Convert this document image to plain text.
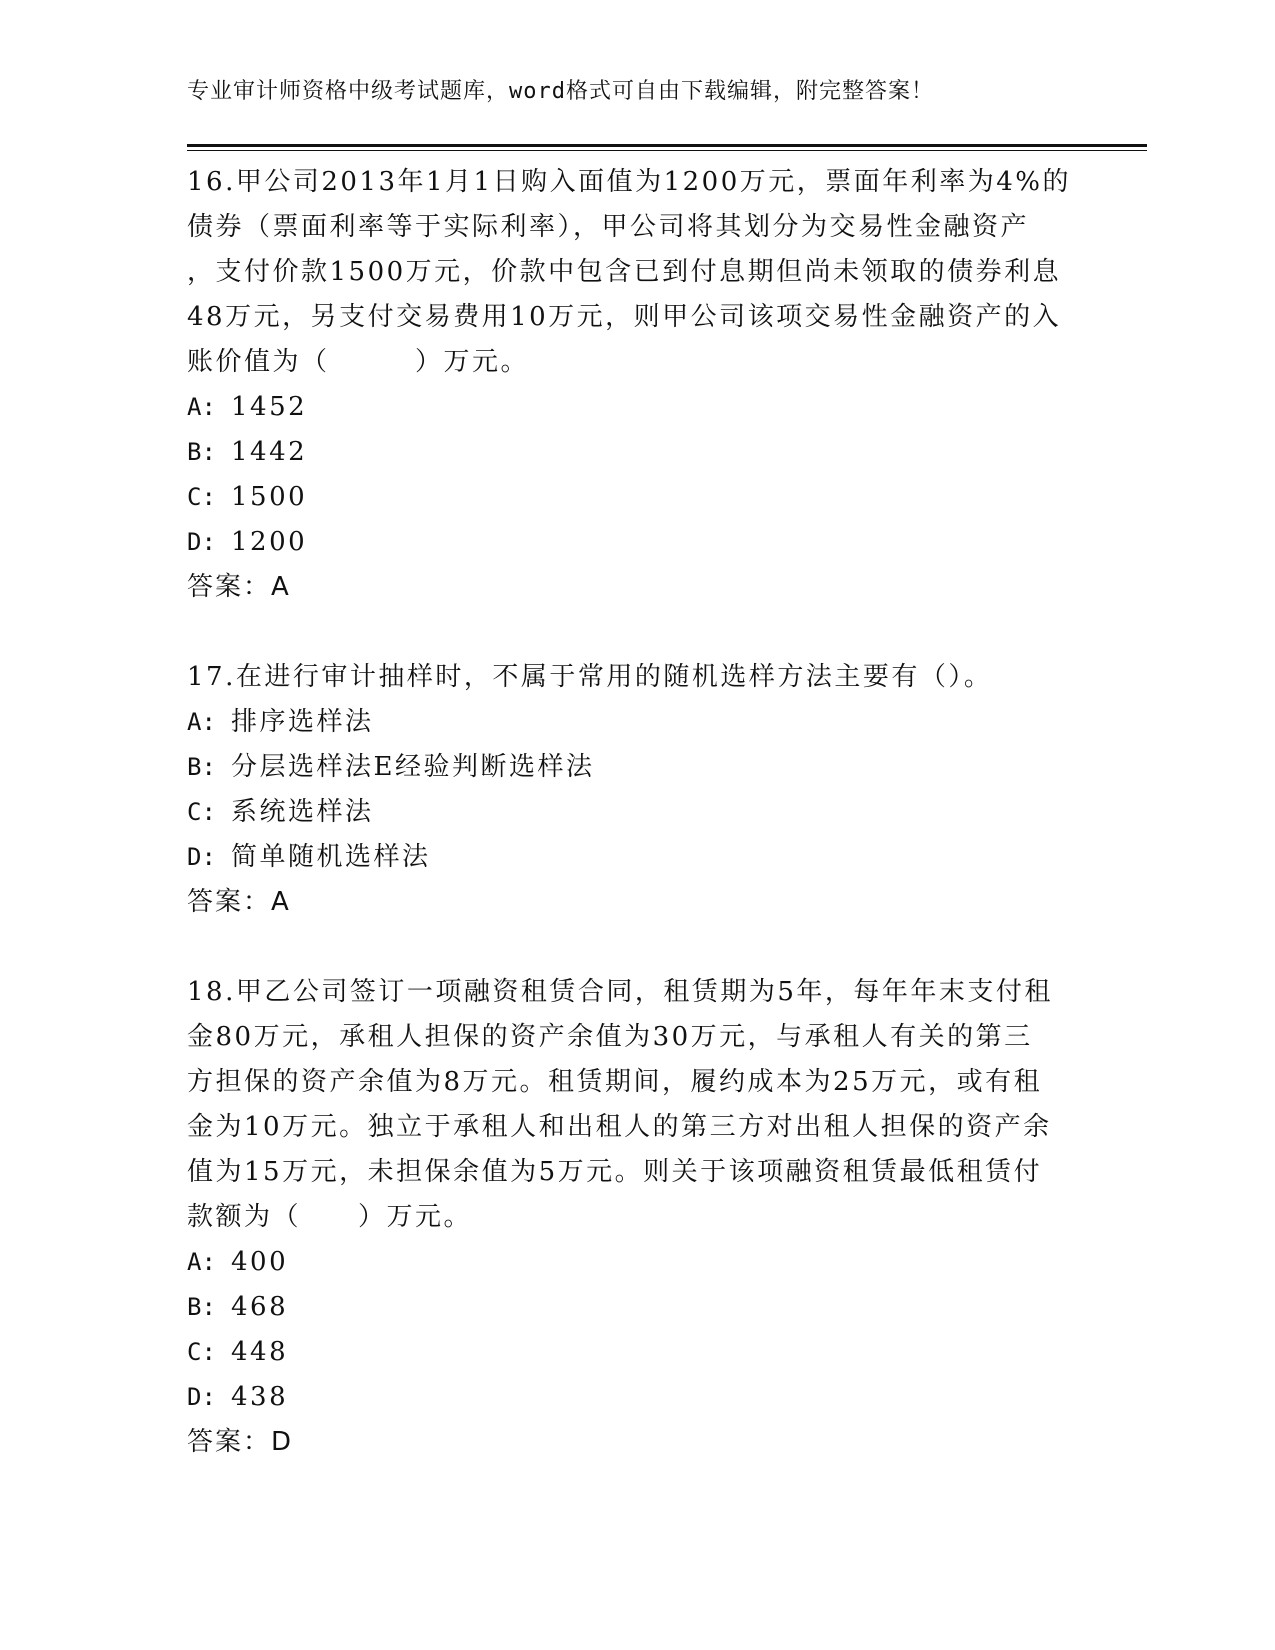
专业审计师资格中级考试题库，word格式可自由下载编辑，附完整答案！

16.甲公司2013年1月1日购入面值为1200万元，票面年利率为4%的

债券（票面利率等于实际利率），甲公司将其划分为交易性金融资产

，支付价款1500万元，价款中包含已到付息期但尚未领取的债券利息

48万元，另支付交易费用10万元，则甲公司该项交易性金融资产的入

账价值为（　　　）万元。

A: 1452

B: 1442

C: 1500

D: 1200

答案：A

17.在进行审计抽样时，不属于常用的随机选样方法主要有（）。

A: 排序选样法

B: 分层选样法E经验判断选样法

C: 系统选样法

D: 简单随机选样法

答案：A

18.甲乙公司签订一项融资租赁合同，租赁期为5年，每年年末支付租

金80万元，承租人担保的资产余值为30万元，与承租人有关的第三

方担保的资产余值为8万元。租赁期间，履约成本为25万元，或有租

金为10万元。独立于承租人和出租人的第三方对出租人担保的资产余

值为15万元，未担保余值为5万元。则关于该项融资租赁最低租赁付

款额为（　　）万元。

A: 400

B: 468

C: 448

D: 438

答案：D
